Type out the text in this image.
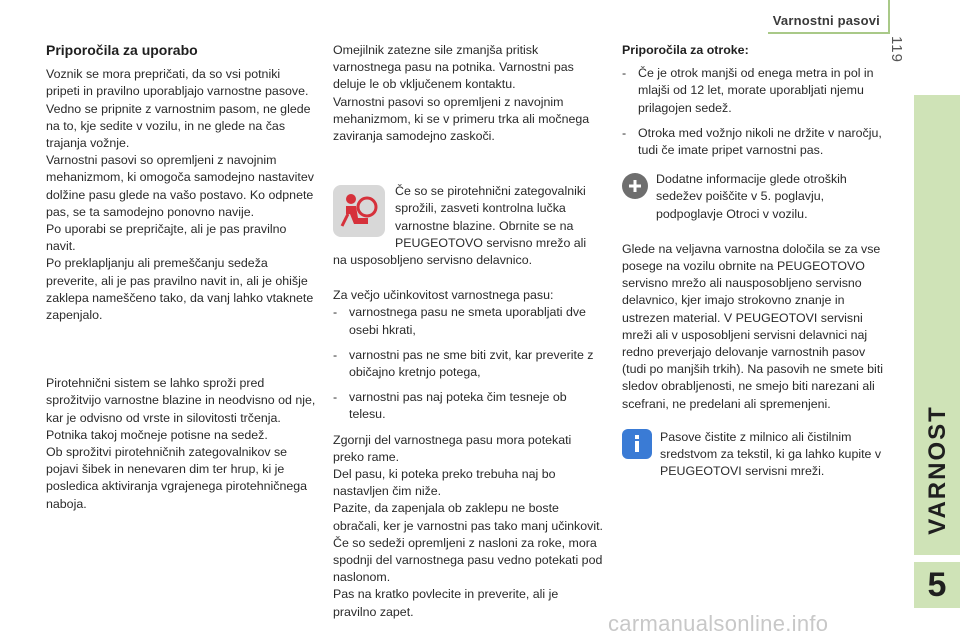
Varnostni pasovi
119
VARNOST
5
Priporočila za uporabo

Voznik se mora prepričati, da so vsi potniki pripeti in pravilno uporabljajo varnostne pasove.

Vedno se pripnite z varnostnim pasom, ne glede na to, kje sedite v vozilu, in ne glede na čas trajanja vožnje.

Varnostni pasovi so opremljeni z navojnim mehanizmom, ki omogoča samodejno nastavitev dolžine pasu glede na vašo postavo. Ko odpnete pas, se ta samodejno ponovno navije.

Po uporabi se prepričajte, ali je pas pravilno navit.

Po preklapljanju ali premeščanju sedeža preverite, ali je pas pravilno navit in, ali je ohišje zaklepa nameščeno tako, da vanj lahko vtaknete zapenjalo.

Pirotehnični sistem se lahko sproži pred sprožitvijo varnostne blazine in neodvisno od nje, kar je odvisno od vrste in silovitosti trčenja. Potnika takoj močneje potisne na sedež.

Ob sprožitvi pirotehničnih zategovalnikov se pojavi šibek in nenevaren dim ter hrup, ki je posledica aktiviranja vgrajenega pirotehničnega naboja.

Omejilnik zatezne sile zmanjša pritisk varnostnega pasu na potnika. Varnostni pas deluje le ob vključenem kontaktu.

Varnostni pasovi so opremljeni z navojnim mehanizmom, ki se v primeru trka ali močnega zaviranja samodejno zaskoči.

Če so se pirotehnični zategovalniki sprožili, zasveti kontrolna lučka varnostne blazine. Obrnite se na PEUGEOTOVO servisno mrežo ali na usposobljeno servisno delavnico.

Za večjo učinkovitost varnostnega pasu:

- varnostnega pasu ne smeta uporabljati dve osebi hkrati,
- varnostni pas ne sme biti zvit, kar preverite z običajno kretnjo potega,
- varnostni pas naj poteka čim tesneje ob telesu.

Zgornji del varnostnega pasu mora potekati preko rame.

Del pasu, ki poteka preko trebuha naj bo nastavljen čim niže.

Pazite, da zapenjala ob zaklepu ne boste obračali, ker je varnostni pas tako manj učinkovit. Če so sedeži opremljeni z nasloni za roke, mora spodnji del varnostnega pasu vedno potekati pod naslonom.

Pas na kratko povlecite in preverite, ali je pravilno zapet.

Priporočila za otroke:
- Če je otrok manjši od enega metra in pol in mlajši od 12 let, morate uporabljati njemu prilagojen sedež.
- Otroka med vožnjo nikoli ne držite v naročju, tudi če imate pripet varnostni pas.

Dodatne informacije glede otroških sedežev poiščite v 5. poglavju, podpoglavje Otroci v vozilu.

Glede na veljavna varnostna določila se za vse posege na vozilu obrnite na PEUGEOTOVO servisno mrežo ali nausposobljeno servisno delavnico, kjer imajo strokovno znanje in ustrezen material. V PEUGEOTOVI servisni mreži ali v usposobljeni servisni delavnici naj redno preverjajo delovanje varnostnih pasov (tudi po manjših trkih). Na pasovih ne smete biti sledov obrabljenosti, ne smejo biti narezani ali scefrani, ne predelani ali spremenjeni.

Pasove čistite z milnico ali čistilnim sredstvom za tekstil, ki ga lahko kupite v PEUGEOTOVI servisni mreži.

carmanualsonline.info
